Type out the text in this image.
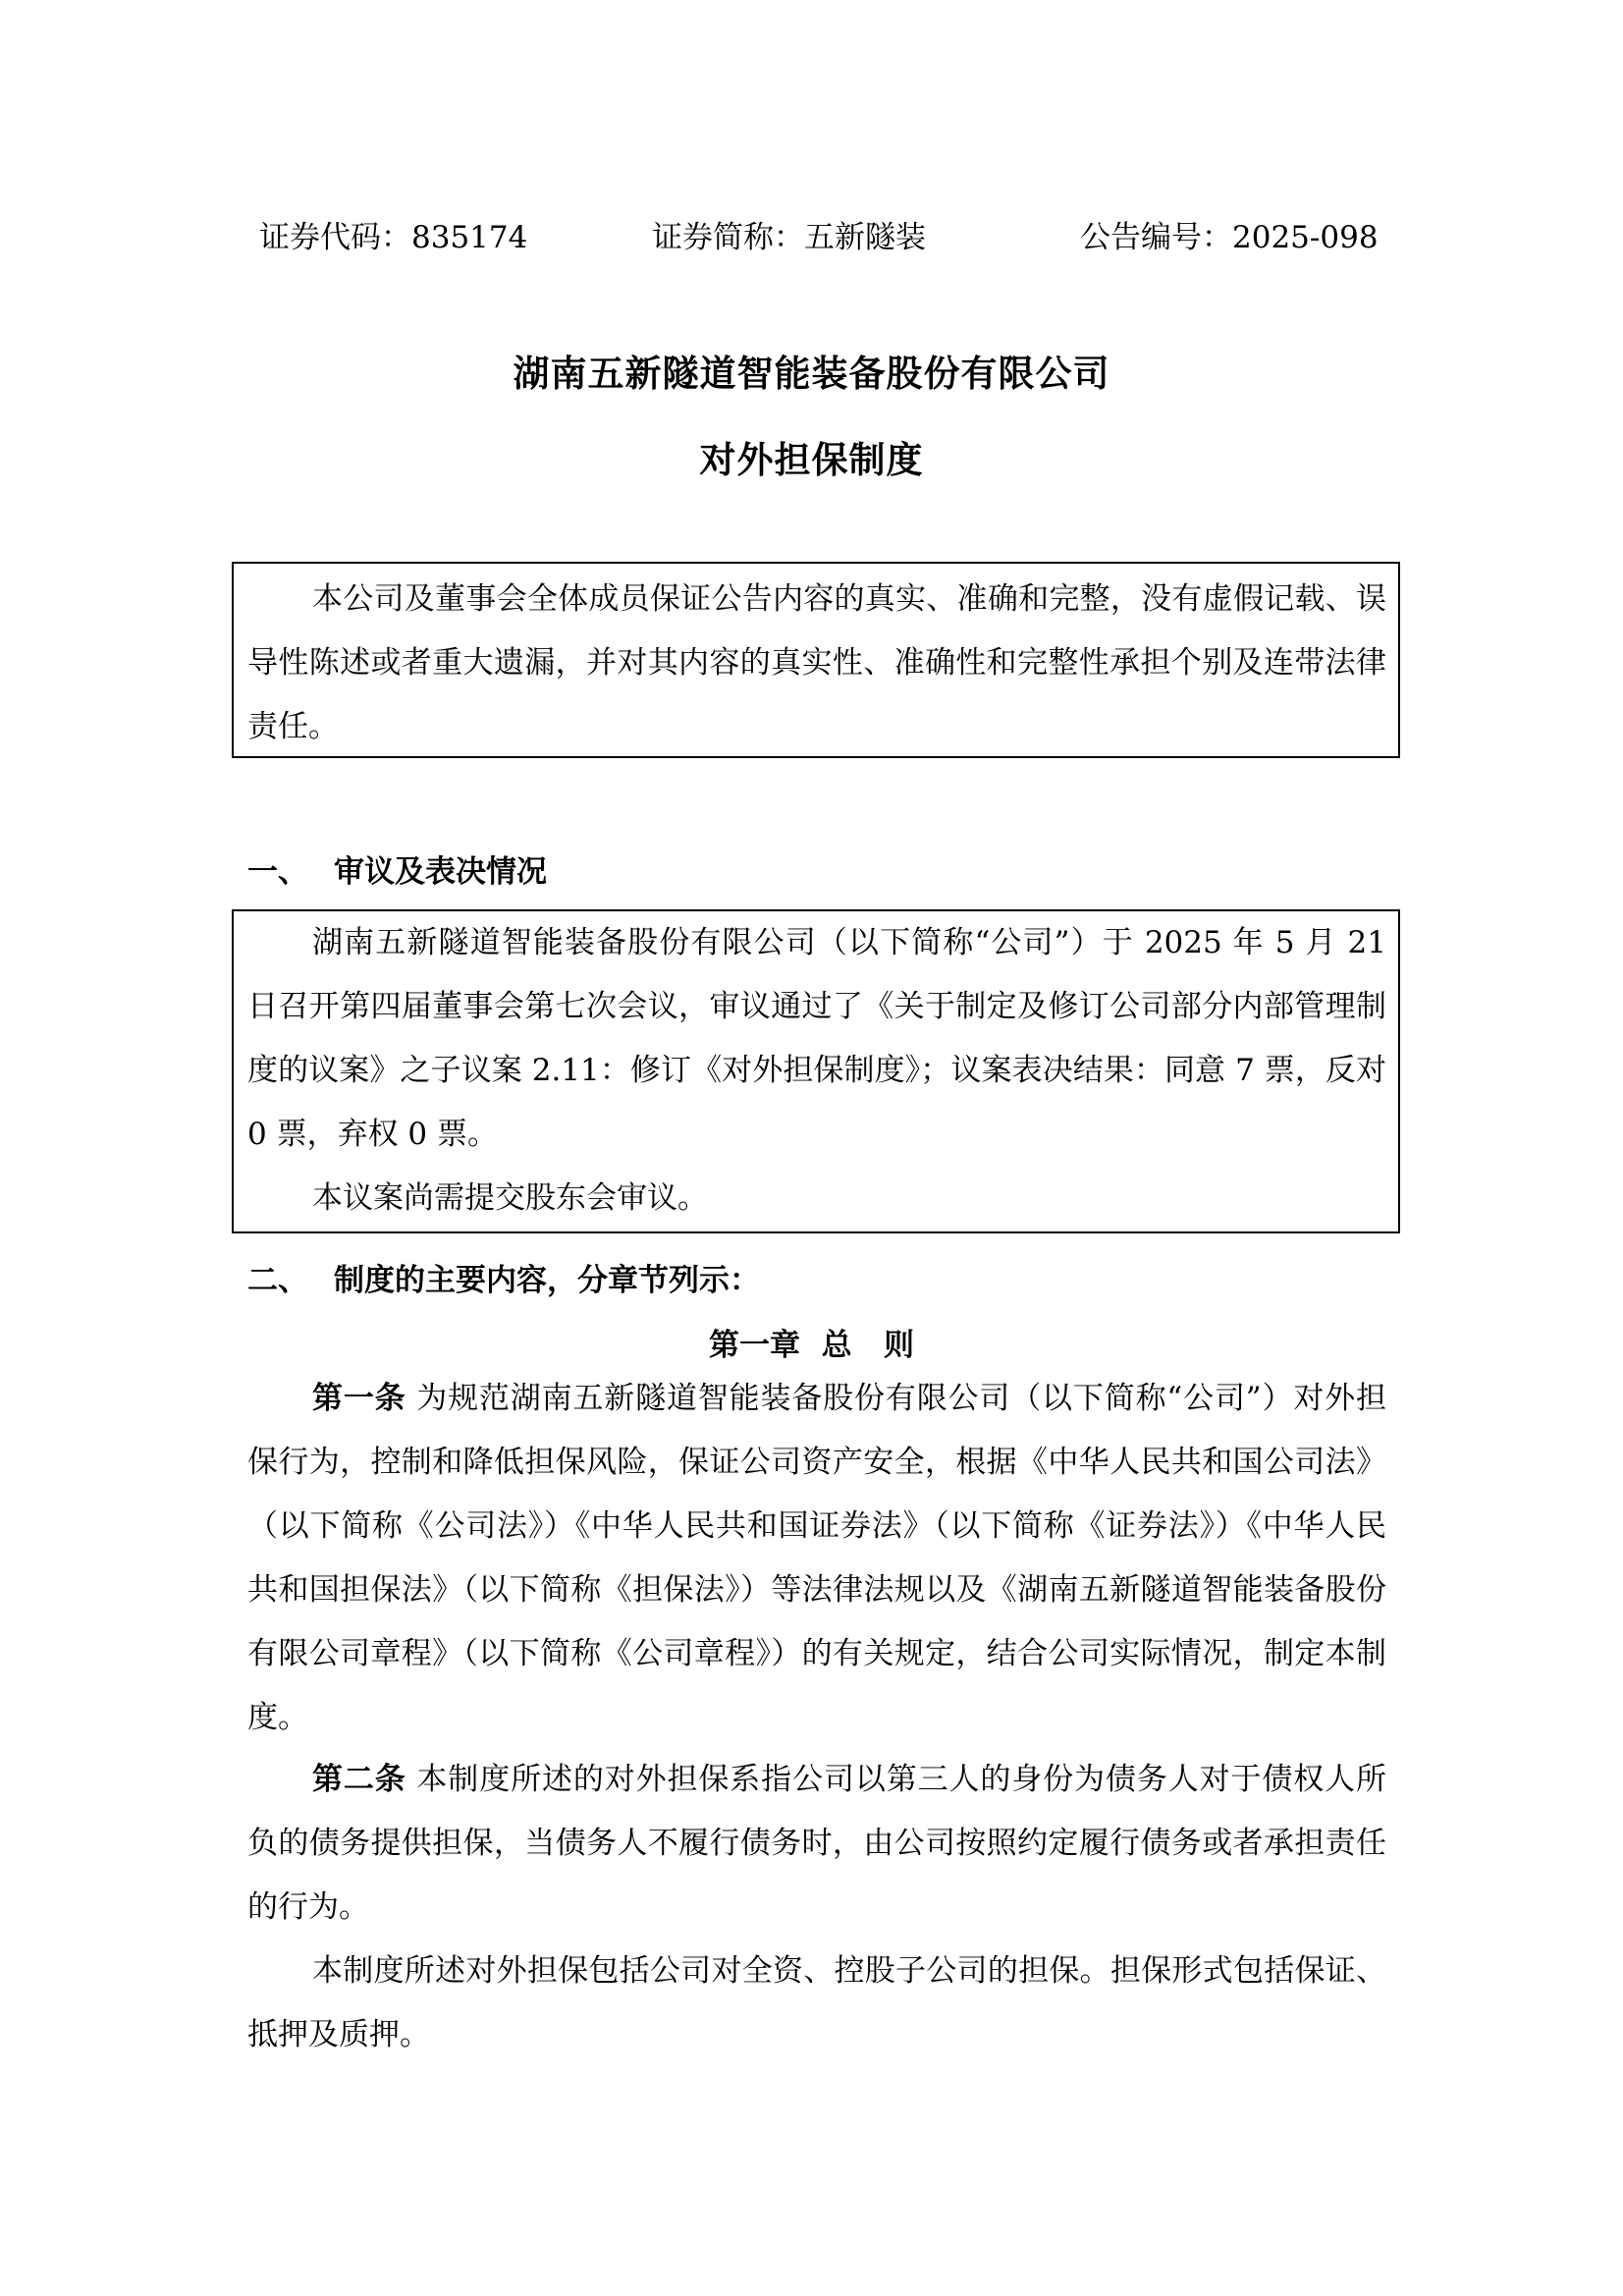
证券代码：835174	证券简称：五新隧装	公告编号：2025-098
湖南五新隧道智能装备股份有限公司
对外担保制度

本公司及董事会全体成员保证公告内容的真实、准确和完整，没有虚假记载、误导性陈述或者重大遗漏，并对其内容的真实性、准确性和完整性承担个别及连带法律责任。

一、 审议及表决情况

湖南五新隧道智能装备股份有限公司（以下简称“公司”）于 2025 年 5 月 21 日召开第四届董事会第七次会议，审议通过了《关于制定及修订公司部分内部管理制度的议案》之子议案 2.11：修订《对外担保制度》；议案表决结果：同意 7 票，反对 0 票，弃权 0 票。

本议案尚需提交股东会审议。

二、 制度的主要内容，分章节列示：
第一章  总   则

第一条 为规范湖南五新隧道智能装备股份有限公司（以下简称“公司”）对外担保行为，控制和降低担保风险，保证公司资产安全，根据《中华人民共和国公司法》（以下简称《公司法》）《中华人民共和国证券法》（以下简称《证券法》）《中华人民共和国担保法》（以下简称《担保法》）等法律法规以及《湖南五新隧道智能装备股份有限公司章程》（以下简称《公司章程》）的有关规定，结合公司实际情况，制定本制度。

第二条 本制度所述的对外担保系指公司以第三人的身份为债务人对于债权人所负的债务提供担保，当债务人不履行债务时，由公司按照约定履行债务或者承担责任的行为。

本制度所述对外担保包括公司对全资、控股子公司的担保。担保形式包括保证、抵押及质押。
